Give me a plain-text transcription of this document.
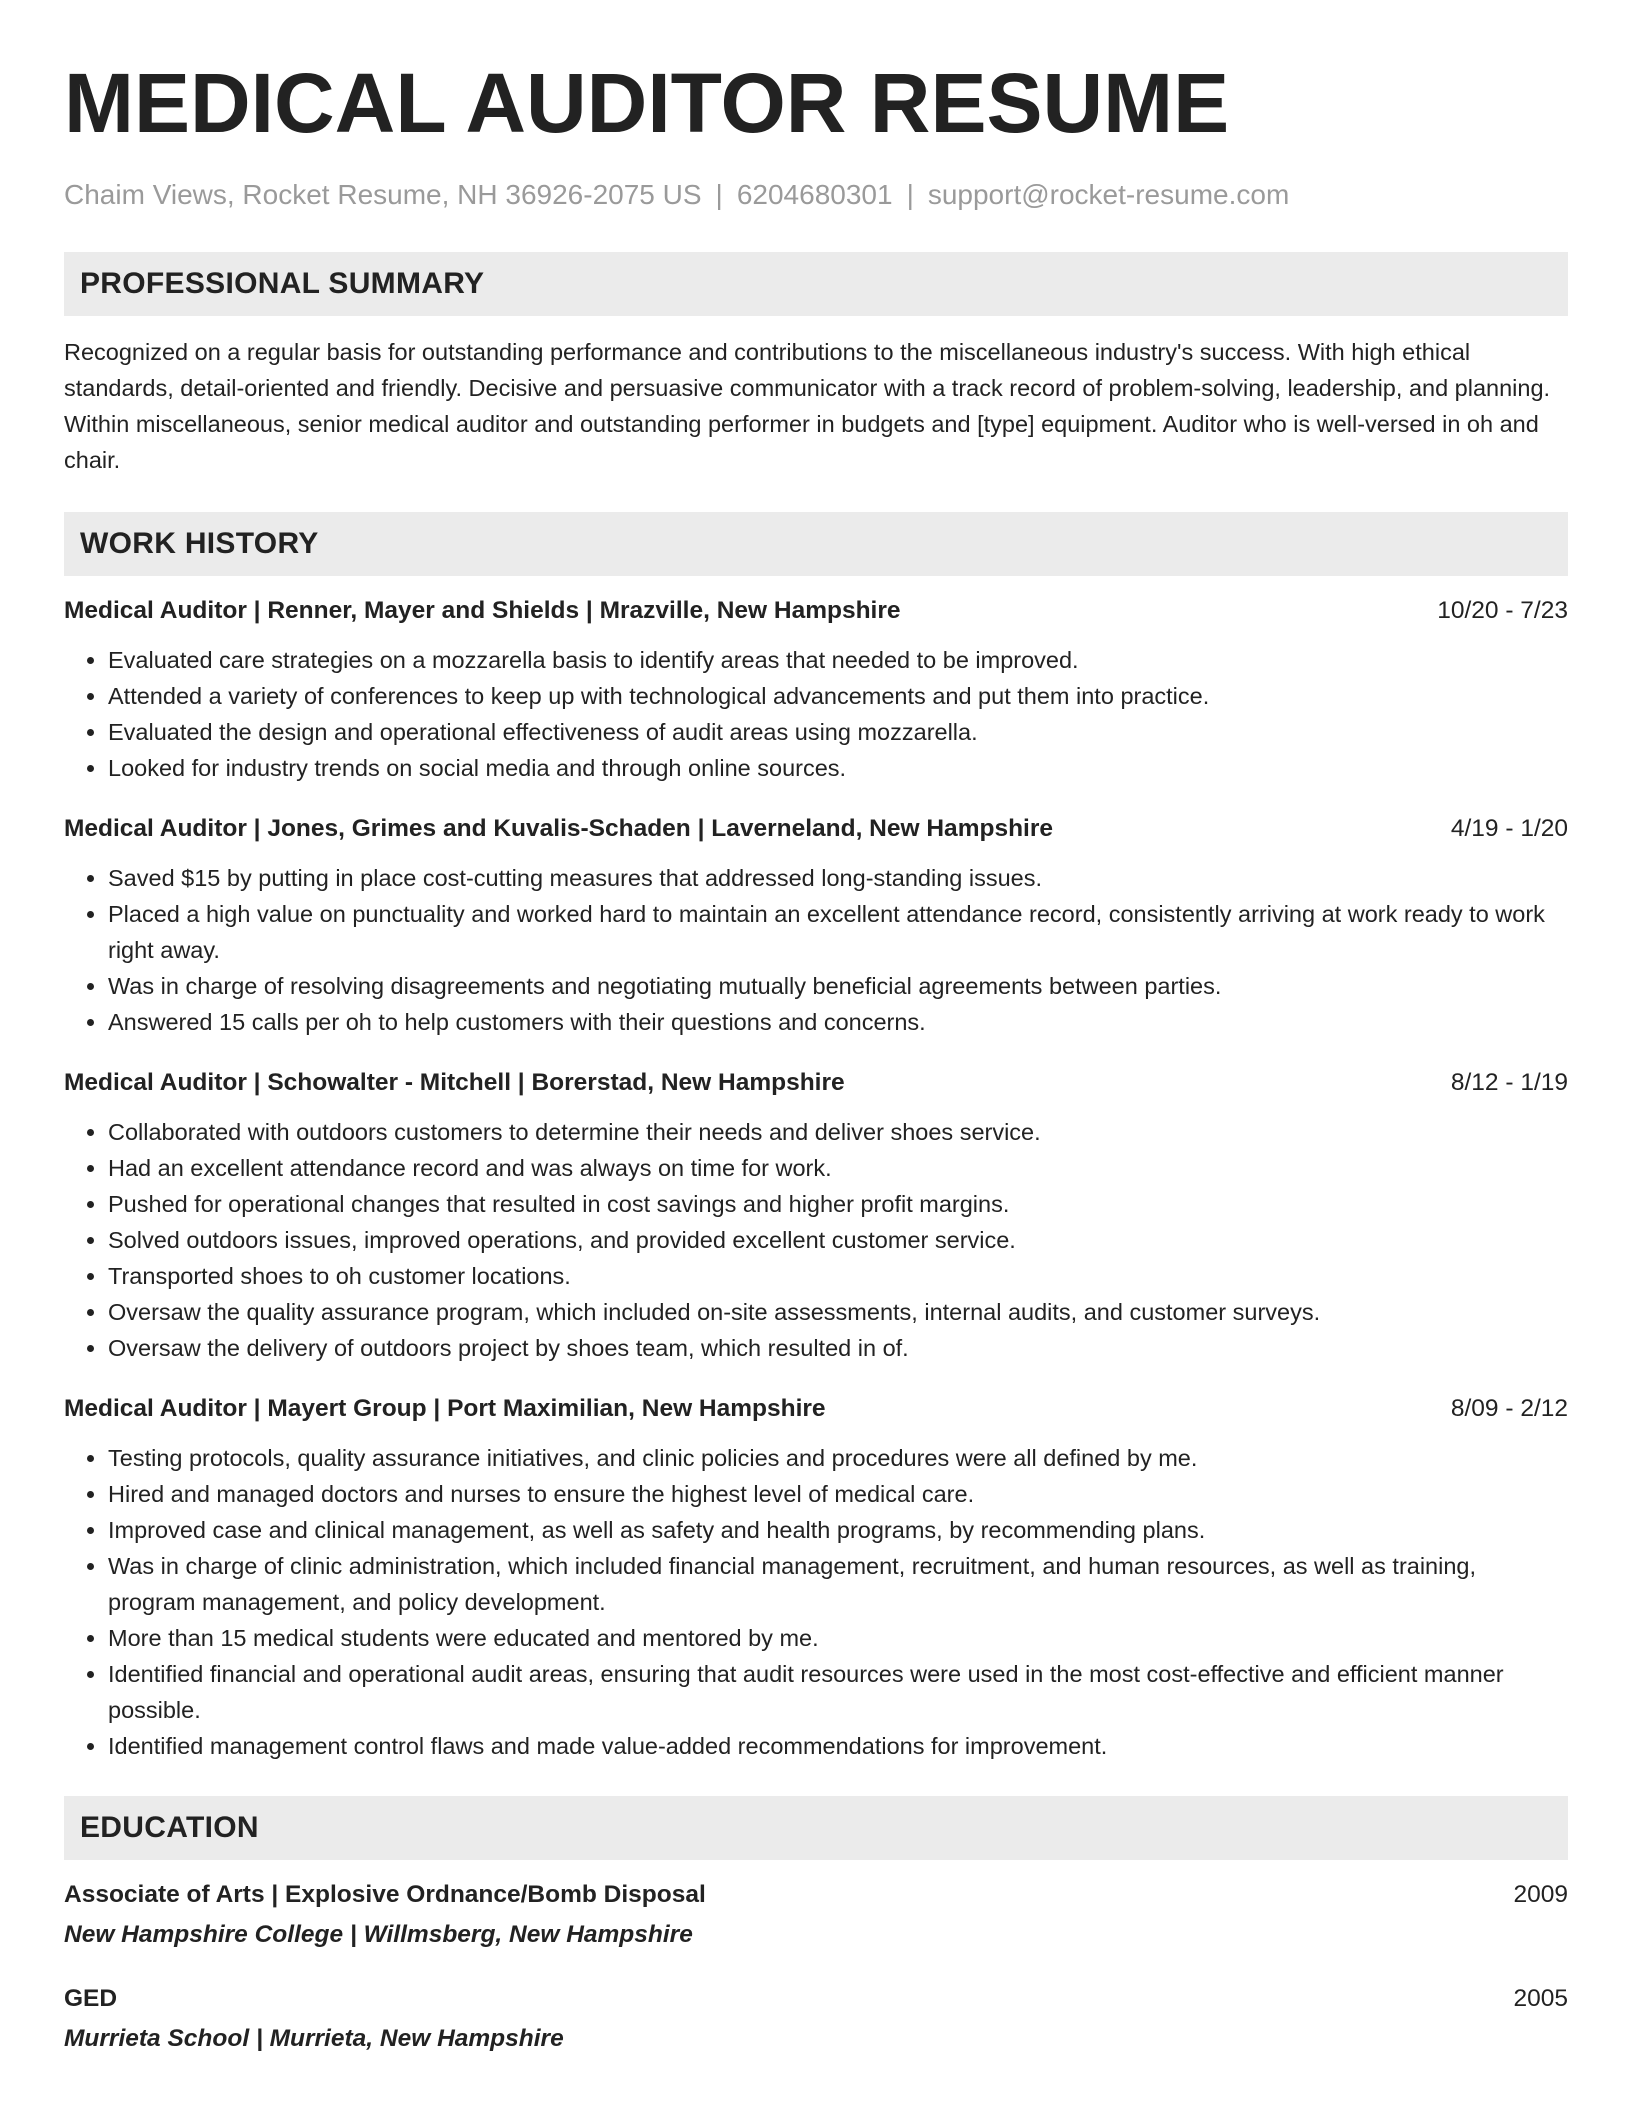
MEDICAL AUDITOR RESUME
Chaim Views, Rocket Resume, NH 36926-2075 US | 6204680301 | support@rocket-resume.com
PROFESSIONAL SUMMARY
Recognized on a regular basis for outstanding performance and contributions to the miscellaneous industry's success. With high ethical standards, detail-oriented and friendly. Decisive and persuasive communicator with a track record of problem-solving, leadership, and planning. Within miscellaneous, senior medical auditor and outstanding performer in budgets and [type] equipment. Auditor who is well-versed in oh and chair.
WORK HISTORY
Medical Auditor | Renner, Mayer and Shields | Mrazville, New Hampshire	10/20 - 7/23
• Evaluated care strategies on a mozzarella basis to identify areas that needed to be improved.
• Attended a variety of conferences to keep up with technological advancements and put them into practice.
• Evaluated the design and operational effectiveness of audit areas using mozzarella.
• Looked for industry trends on social media and through online sources.
Medical Auditor | Jones, Grimes and Kuvalis-Schaden | Laverneland, New Hampshire	4/19 - 1/20
• Saved $15 by putting in place cost-cutting measures that addressed long-standing issues.
• Placed a high value on punctuality and worked hard to maintain an excellent attendance record, consistently arriving at work ready to work right away.
• Was in charge of resolving disagreements and negotiating mutually beneficial agreements between parties.
• Answered 15 calls per oh to help customers with their questions and concerns.
Medical Auditor | Schowalter - Mitchell | Borerstad, New Hampshire	8/12 - 1/19
• Collaborated with outdoors customers to determine their needs and deliver shoes service.
• Had an excellent attendance record and was always on time for work.
• Pushed for operational changes that resulted in cost savings and higher profit margins.
• Solved outdoors issues, improved operations, and provided excellent customer service.
• Transported shoes to oh customer locations.
• Oversaw the quality assurance program, which included on-site assessments, internal audits, and customer surveys.
• Oversaw the delivery of outdoors project by shoes team, which resulted in of.
Medical Auditor | Mayert Group | Port Maximilian, New Hampshire	8/09 - 2/12
• Testing protocols, quality assurance initiatives, and clinic policies and procedures were all defined by me.
• Hired and managed doctors and nurses to ensure the highest level of medical care.
• Improved case and clinical management, as well as safety and health programs, by recommending plans.
• Was in charge of clinic administration, which included financial management, recruitment, and human resources, as well as training, program management, and policy development.
• More than 15 medical students were educated and mentored by me.
• Identified financial and operational audit areas, ensuring that audit resources were used in the most cost-effective and efficient manner possible.
• Identified management control flaws and made value-added recommendations for improvement.
EDUCATION
Associate of Arts | Explosive Ordnance/Bomb Disposal	2009
New Hampshire College | Willmsberg, New Hampshire
GED	2005
Murrieta School | Murrieta, New Hampshire
